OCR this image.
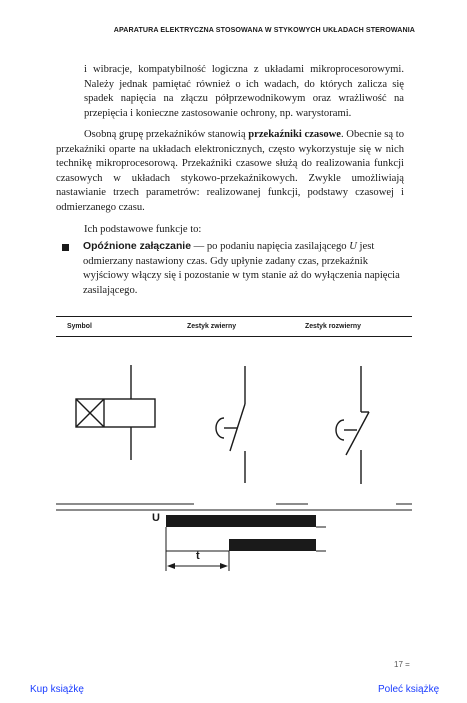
APARATURA ELEKTRYCZNA STOSOWANA W STYKOWYCH UKŁADACH STEROWANIA

i wibracje, kompatybilność logiczna z układami mikroprocesorowymi. Należy jednak pamiętać również o ich wadach, do których zalicza się spadek napięcia na złączu półprzewodnikowym oraz wrażliwość na przepięcia i konieczne zastosowanie ochrony, np. warystorami.

Osobną grupę przekaźników stanowią przekaźniki czasowe. Obecnie są to przekaźniki oparte na układach elektronicznych, często wykorzystuje się w nich technikę mikroprocesorową. Przekaźniki czasowe służą do realizowania funkcji czasowych w układach stykowo-przekaźnikowych. Zwykle umożliwiają nastawianie trzech parametrów: realizowanej funkcji, podstawy czasowej i odmierzanego czasu.

Ich podstawowe funkcje to:

Opóźnione załączanie — po podaniu napięcia zasilającego U jest odmierzany nastawiony czas. Gdy upłynie zadany czas, przekaźnik wyjściowy włączy się i pozostanie w tym stanie aż do wyłączenia napięcia zasilającego.
Symbol	Zestyk zwierny	Zestyk rozwierny
U
t
17 =
Kup książkę	Poleć książkę
